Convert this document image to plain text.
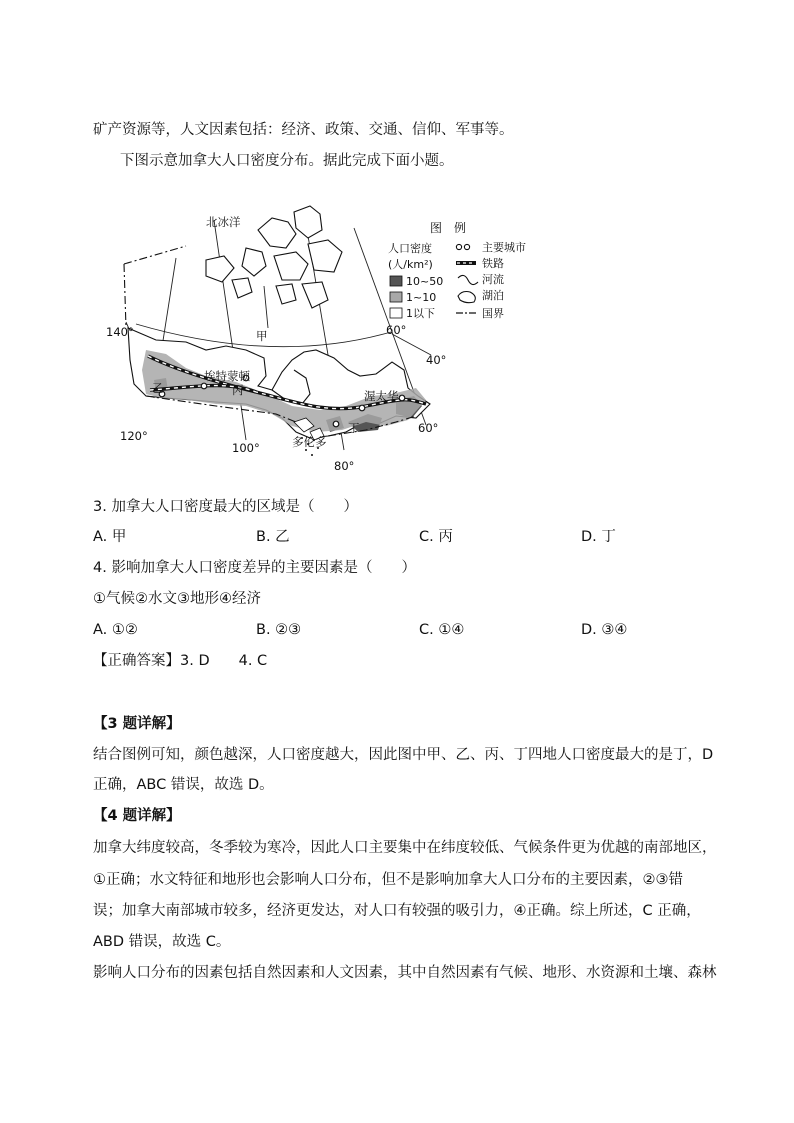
矿产资源等，人文因素包括：经济、政策、交通、信仰、军事等。
下图示意加拿大人口密度分布。据此完成下面小题。
北冰洋
甲
乙	丙
丁
埃特蒙顿
渥太华
多伦多
140°
120°
100°
80°
60°
60°
40°
图　例
人口密度
(人/km²)
10~50
1~10
1以下
主要城市
铁路
河流
湖泊
国界
3. 加拿大人口密度最大的区域是（　　）
A. 甲	B. 乙	C. 丙	D. 丁
4. 影响加拿大人口密度差异的主要因素是（　　）
①气候②水文③地形④经济
A. ①②	B. ②③	C. ①④	D. ③④
【正确答案】3. D　　4. C
【3 题详解】
结合图例可知，颜色越深，人口密度越大，因此图中甲、乙、丙、丁四地人口密度最大的是丁，D
正确，ABC 错误，故选 D。
【4 题详解】
加拿大纬度较高，冬季较为寒冷，因此人口主要集中在纬度较低、气候条件更为优越的南部地区，
①正确；水文特征和地形也会影响人口分布，但不是影响加拿大人口分布的主要因素，②③错
误；加拿大南部城市较多，经济更发达，对人口有较强的吸引力，④正确。综上所述，C 正确，
ABD 错误，故选 C。
影响人口分布的因素包括自然因素和人文因素，其中自然因素有气候、地形、水资源和土壤、森林
